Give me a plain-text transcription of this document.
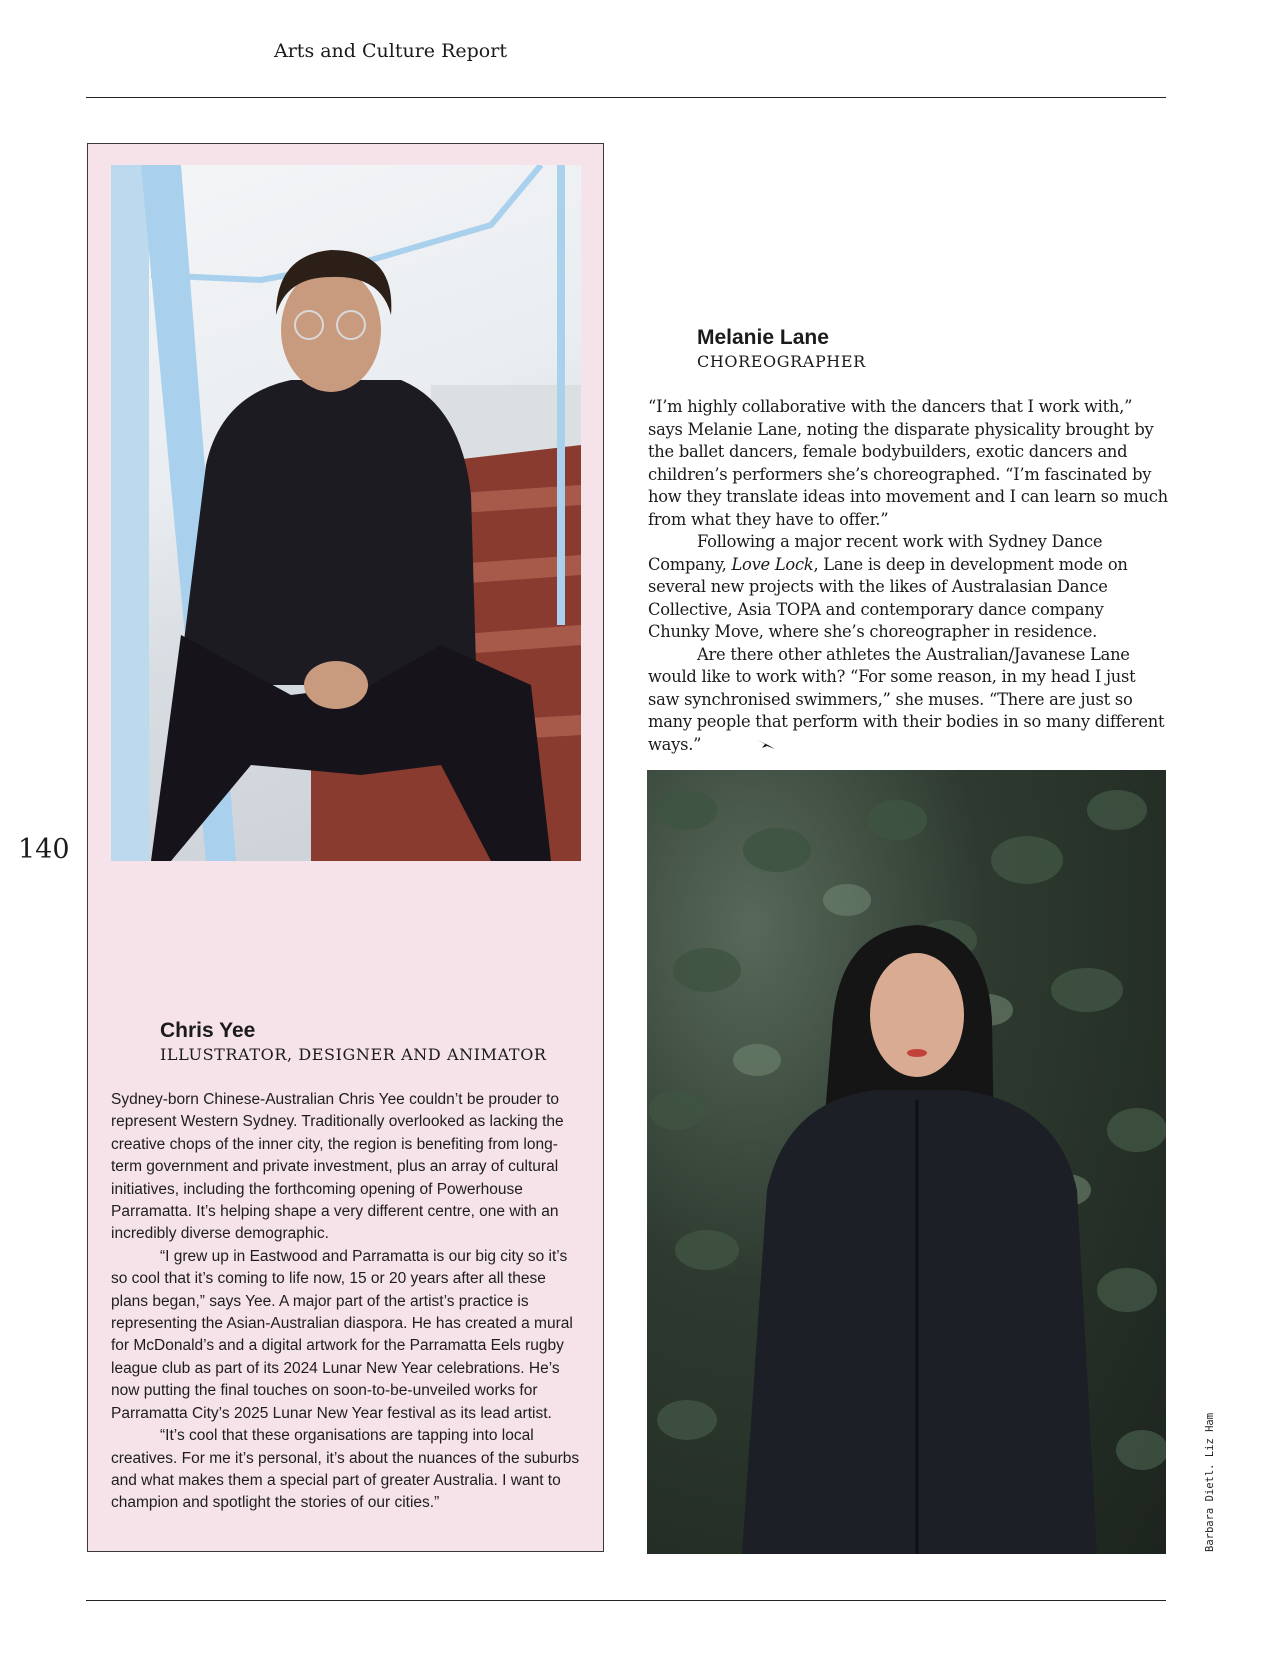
Arts and Culture Report
140
Chris Yee
ILLUSTRATOR, DESIGNER AND ANIMATOR

Sydney-born Chinese-Australian Chris Yee couldn’t be prouder to represent Western Sydney. Traditionally overlooked as lacking the creative chops of the inner city, the region is benefiting from long-term government and private investment, plus an array of cultural initiatives, including the forthcoming opening of Powerhouse Parramatta. It’s helping shape a very different centre, one with an incredibly diverse demographic.

“I grew up in Eastwood and Parramatta is our big city so it’s so cool that it’s coming to life now, 15 or 20 years after all these plans began,” says Yee. A major part of the artist’s practice is representing the Asian-Australian diaspora. He has created a mural for McDonald’s and a digital artwork for the Parramatta Eels rugby league club as part of its 2024 Lunar New Year celebrations. He’s now putting the final touches on soon-to-be-unveiled works for Parramatta City’s 2025 Lunar New Year festival as its lead artist.

“It’s cool that these organisations are tapping into local creatives. For me it’s personal, it’s about the nuances of the suburbs and what makes them a special part of greater Australia. I want to champion and spotlight the stories of our cities.”

Melanie Lane
CHOREOGRAPHER

“I’m highly collaborative with the dancers that I work with,” says Melanie Lane, noting the disparate physicality brought by the ballet dancers, female bodybuilders, exotic dancers and children’s performers she’s choreographed. “I’m fascinated by how they translate ideas into movement and I can learn so much from what they have to offer.”

Following a major recent work with Sydney Dance Company, Love Lock, Lane is deep in development mode on several new projects with the likes of Australasian Dance Collective, Asia TOPA and contemporary dance company Chunky Move, where she’s choreographer in residence.

Are there other athletes the Australian/Javanese Lane would like to work with? “For some reason, in my head I just saw synchronised swimmers,” she muses. “There are just so many people that perform with their bodies in so many different ways.”

Barbara Dietl. Liz Ham
